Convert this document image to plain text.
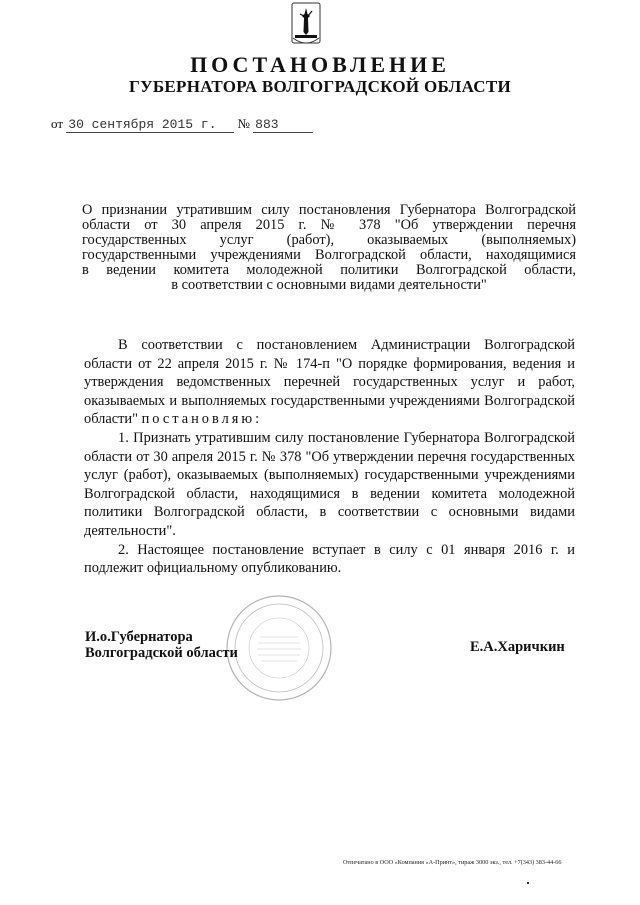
ПОСТАНОВЛЕНИЕ
ГУБЕРНАТОРА ВОЛГОГРАДСКОЙ ОБЛАСТИ
от 30 сентября 2015 г. № 883
О признании утратившим силу постановления Губернатора Волгоградской
области от 30 апреля 2015 г. № 378 "Об утверждении перечня
государственных услуг (работ), оказываемых (выполняемых)
государственными учреждениями Волгоградской области, находящимися
в ведении комитета молодежной политики Волгоградской области,
в соответствии с основными видами деятельности"

В соответствии с постановлением Администрации Волгоградской области от 22 апреля 2015 г. № 174-п "О порядке формирования, ведения и утверждения ведомственных перечней государственных услуг и работ, оказываемых и выполняемых государственными учреждениями Волгоградской области" постановляю:

1. Признать утратившим силу постановление Губернатора Волгоградской области от 30 апреля 2015 г. № 378 "Об утверждении перечня государственных услуг (работ), оказываемых (выполняемых) государственными учреждениями Волгоградской области, находящимися в ведении комитета молодежной политики Волгоградской области, в соответствии с основными видами деятельности".

2. Настоящее постановление вступает в силу с 01 января 2016 г. и подлежит официальному опубликованию.

И.о.Губернатора
Волгоградской области	Е.А.Харичкин
Отпечатано в ООО «Компания «А-Принт», тираж 3000 экз., тел. +7(343) 383-44-66
